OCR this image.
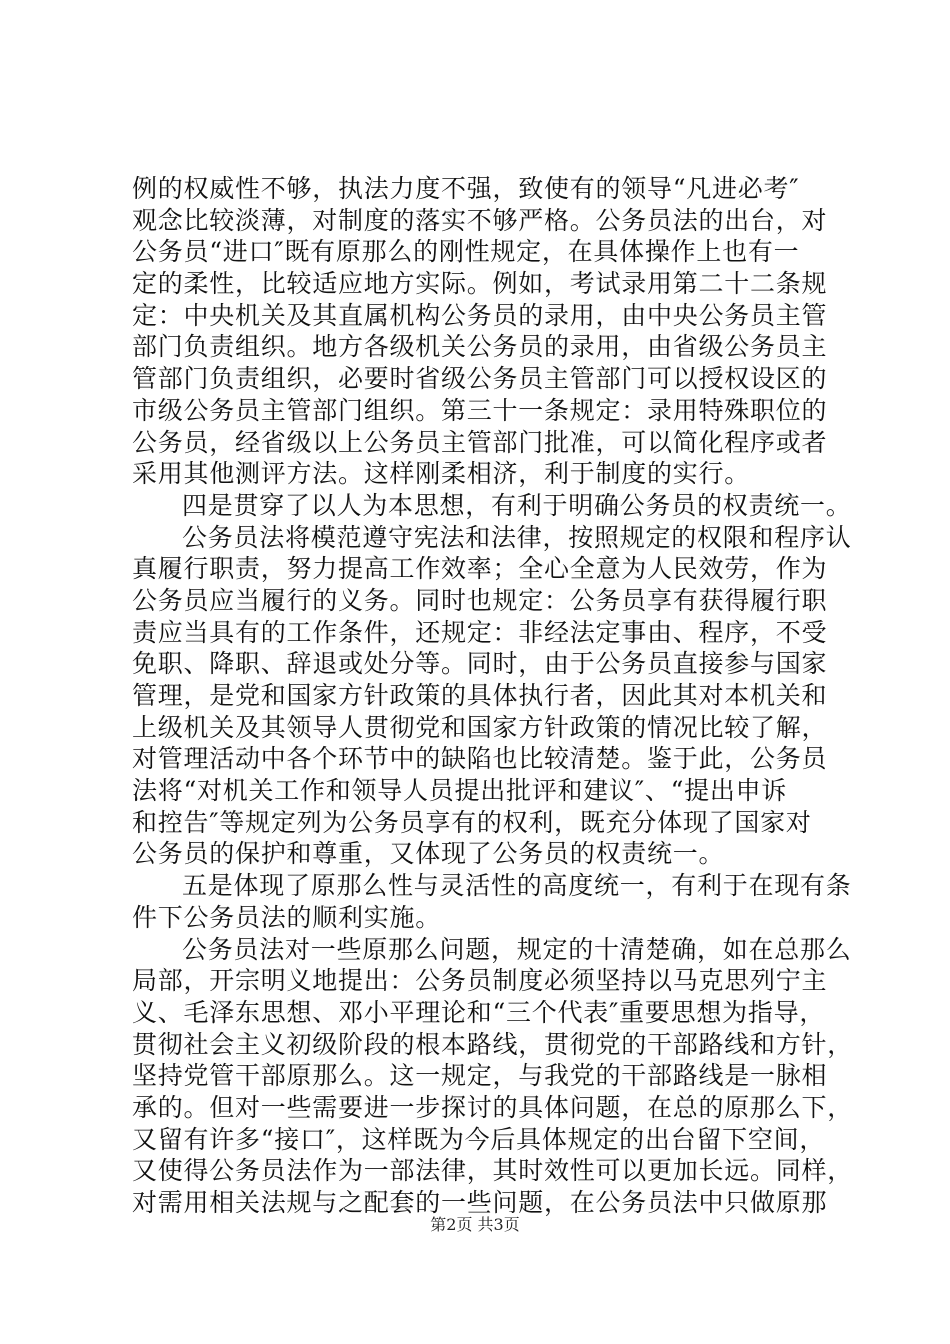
例的权威性不够，执法力度不强，致使有的领导“凡进必考″
观念比较淡薄，对制度的落实不够严格。公务员法的出台，对
公务员“进口″既有原那么的刚性规定，在具体操作上也有一
定的柔性，比较适应地方实际。例如，考试录用第二十二条规
定：中央机关及其直属机构公务员的录用，由中央公务员主管
部门负责组织。地方各级机关公务员的录用，由省级公务员主
管部门负责组织，必要时省级公务员主管部门可以授权设区的
市级公务员主管部门组织。第三十一条规定：录用特殊职位的
公务员，经省级以上公务员主管部门批准，可以简化程序或者
采用其他测评方法。这样刚柔相济，利于制度的实行。
四是贯穿了以人为本思想，有利于明确公务员的权责统一。
公务员法将模范遵守宪法和法律，按照规定的权限和程序认
真履行职责，努力提高工作效率；全心全意为人民效劳，作为
公务员应当履行的义务。同时也规定：公务员享有获得履行职
责应当具有的工作条件，还规定：非经法定事由、程序，不受
免职、降职、辞退或处分等。同时，由于公务员直接参与国家
管理，是党和国家方针政策的具体执行者，因此其对本机关和
上级机关及其领导人贯彻党和国家方针政策的情况比较了解，
对管理活动中各个环节中的缺陷也比较清楚。鉴于此，公务员
法将“对机关工作和领导人员提出批评和建议″、“提出申诉
和控告″等规定列为公务员享有的权利，既充分体现了国家对
公务员的保护和尊重，又体现了公务员的权责统一。
五是体现了原那么性与灵活性的高度统一，有利于在现有条
件下公务员法的顺利实施。
公务员法对一些原那么问题，规定的十清楚确，如在总那么
局部，开宗明义地提出：公务员制度必须坚持以马克思列宁主
义、毛泽东思想、邓小平理论和“三个代表″重要思想为指导，
贯彻社会主义初级阶段的根本路线，贯彻党的干部路线和方针，
坚持党管干部原那么。这一规定，与我党的干部路线是一脉相
承的。但对一些需要进一步探讨的具体问题，在总的原那么下，
又留有许多“接口″，这样既为今后具体规定的出台留下空间，
又使得公务员法作为一部法律，其时效性可以更加长远。同样，
对需用相关法规与之配套的一些问题，在公务员法中只做原那
第2页 共3页
